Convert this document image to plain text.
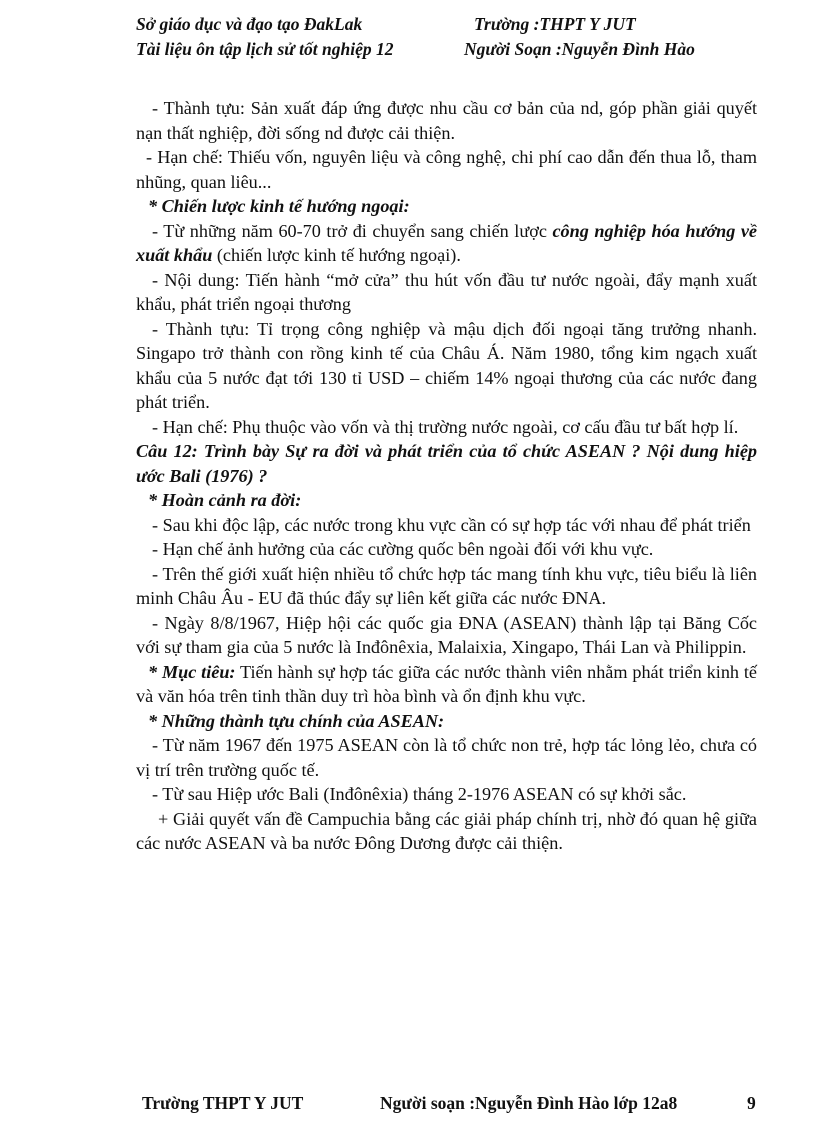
Sở giáo dục và đạo tạo ĐakLak	Trường :THPT Y JUT
Tài liệu ôn tập lịch sử tốt nghiệp 12	Người Soạn :Nguyễn Đình Hào

- Thành tựu: Sản xuất đáp ứng được nhu cầu cơ bản của nd, góp phần giải quyết nạn thất nghiệp, đời sống nd được cải thiện.

- Hạn chế: Thiếu vốn, nguyên liệu và công nghệ, chi phí cao dẫn đến thua lỗ, tham nhũng, quan liêu...

* Chiến lược kinh tế hướng ngoại:

- Từ những năm 60-70 trở đi chuyển sang chiến lược công nghiệp hóa hướng về xuất khẩu (chiến lược kinh tế hướng ngoại).

- Nội dung: Tiến hành “mở cửa” thu hút vốn đầu tư nước ngoài, đẩy mạnh xuất khẩu, phát triển ngoại thương

- Thành tựu: Tỉ trọng công nghiệp và mậu dịch đối ngoại tăng trưởng nhanh. Singapo trở thành con rồng kinh tế của Châu Á. Năm 1980, tổng kim ngạch xuất khẩu của 5 nước đạt tới 130 tỉ USD – chiếm 14% ngoại thương của các nước đang phát triển.

- Hạn chế: Phụ thuộc vào vốn và thị trường nước ngoài, cơ cấu đầu tư bất hợp lí.

Câu 12: Trình bày Sự ra đời và phát triển của tổ chức ASEAN ? Nội dung hiệp ước Bali (1976) ?

* Hoàn cảnh ra đời:

- Sau khi độc lập, các nước trong khu vực cần có sự hợp tác với nhau để phát triển

- Hạn chế ảnh hưởng của các cường quốc bên ngoài đối với khu vực.

- Trên thế giới xuất hiện nhiều tổ chức hợp tác mang tính khu vực, tiêu biểu là liên minh Châu Âu - EU đã thúc đẩy sự liên kết giữa các nước ĐNA.

- Ngày 8/8/1967, Hiệp hội các quốc gia ĐNA (ASEAN) thành lập tại Băng Cốc với sự tham gia của 5 nước là Inđônêxia, Malaixia, Xingapo, Thái Lan và Philippin.

* Mục tiêu: Tiến hành sự hợp tác giữa các nước thành viên nhằm phát triển kinh tế và văn hóa trên tinh thần duy trì hòa bình và ổn định khu vực.

* Những thành tựu chính của ASEAN:

- Từ năm 1967 đến 1975 ASEAN còn là tổ chức non trẻ, hợp tác lỏng lẻo, chưa có vị trí trên trường quốc tế.

- Từ sau Hiệp ước Bali (Inđônêxia) tháng 2-1976 ASEAN có sự khởi sắc.

+ Giải quyết vấn đề Campuchia bằng các giải pháp chính trị, nhờ đó quan hệ giữa các nước ASEAN và ba nước Đông Dương được cải thiện.

Trường THPT Y JUT	Người soạn :Nguyễn Đình Hào lớp 12a8	9
